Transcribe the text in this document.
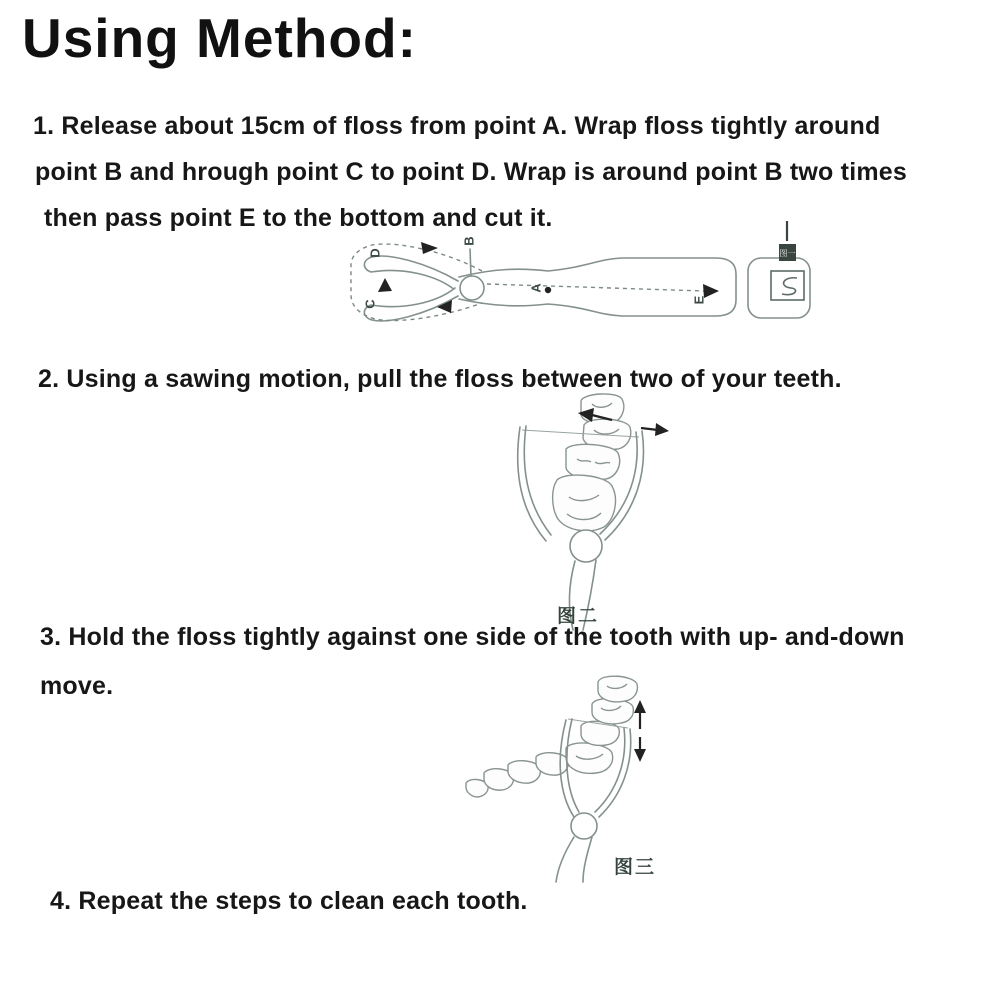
Using Method:
1. Release about 15cm of floss from point A. Wrap floss tightly around
point B and hrough point C to point D. Wrap is around point B two times
then pass point E to the bottom and cut it.
D
C
B
A
E
图一
2. Using a sawing motion, pull the floss between two of your teeth.
图二
3. Hold the floss tightly against one side of the tooth with up- and-down
move.
图三
4. Repeat the steps to clean each tooth.
